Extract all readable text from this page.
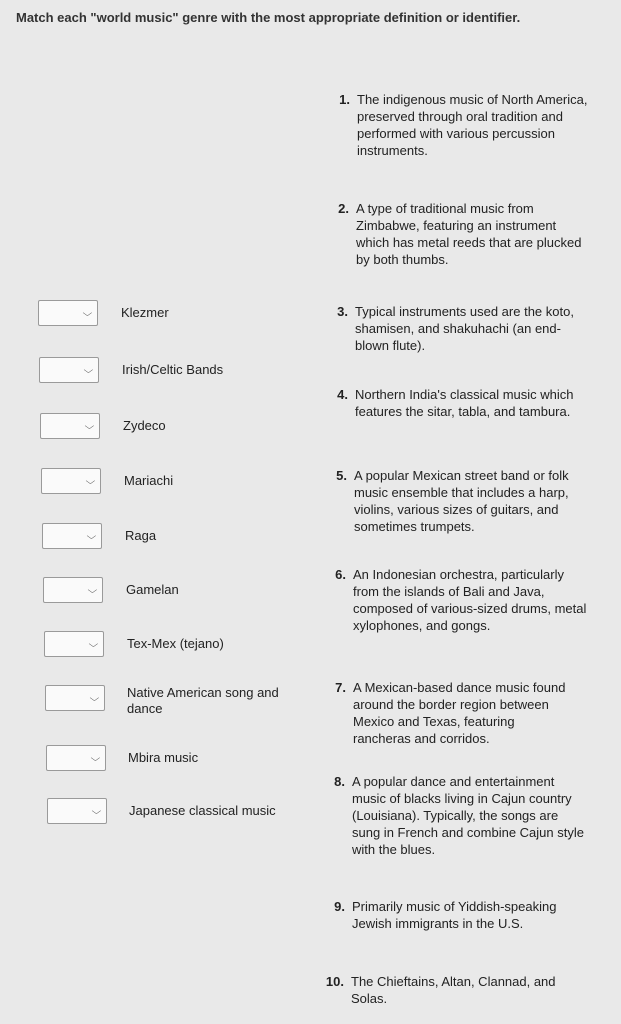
Match each "world music" genre with the most appropriate definition or identifier.
⌵ Klezmer
⌵ Irish/Celtic Bands
⌵ Zydeco
⌵ Mariachi
⌵ Raga
⌵ Gamelan
⌵ Tex-Mex (tejano)
⌵ Native American song and dance
⌵ Mbira music
⌵ Japanese classical music
1. The indigenous music of North America, preserved through oral tradition and performed with various percussion instruments.
2. A type of traditional music from Zimbabwe, featuring an instrument which has metal reeds that are plucked by both thumbs.
3. Typical instruments used are the koto, shamisen, and shakuhachi (an end-blown flute).
4. Northern India's classical music which features the sitar, tabla, and tambura.
5. A popular Mexican street band or folk music ensemble that includes a harp, violins, various sizes of guitars, and sometimes trumpets.
6. An Indonesian orchestra, particularly from the islands of Bali and Java, composed of various-sized drums, metal xylophones, and gongs.
7. A Mexican-based dance music found around the border region between Mexico and Texas, featuring rancheras and corridos.
8. A popular dance and entertainment music of blacks living in Cajun country (Louisiana). Typically, the songs are sung in French and combine Cajun style with the blues.
9. Primarily music of Yiddish-speaking Jewish immigrants in the U.S.
10. The Chieftains, Altan, Clannad, and Solas.
